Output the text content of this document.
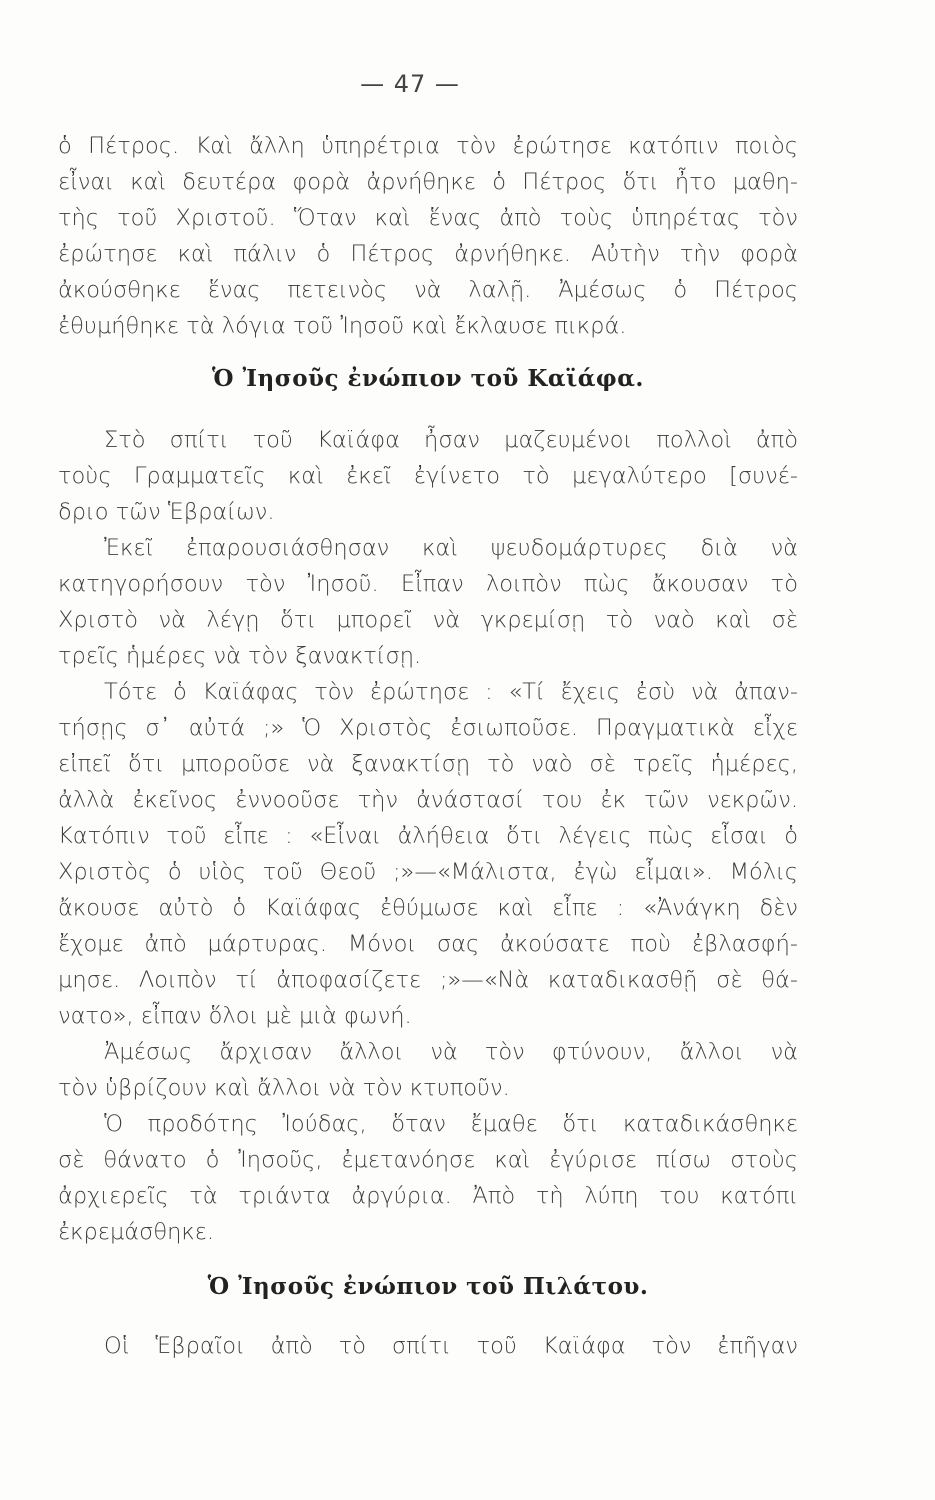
— 47 —
ὁ Πέτρος. Καὶ ἄλλη ὑπηρέτρια τὸν ἐρώτησε κατόπιν ποιὸς
εἶναι καὶ δευτέρα φορὰ ἀρνήθηκε ὁ Πέτρος ὅτι ἦτο μαθη-
τὴς τοῦ Χριστοῦ. Ὅταν καὶ ἕνας ἀπὸ τοὺς ὑπηρέτας τὸν
ἐρώτησε καὶ πάλιν ὁ Πέτρος ἀρνήθηκε. Αὐτὴν τὴν φορὰ
ἀκούσθηκε ἕνας πετεινὸς νὰ λαλῇ. Ἀμέσως ὁ Πέτρος
ἐθυμήθηκε τὰ λόγια τοῦ Ἰησοῦ καὶ ἔκλαυσε πικρά.
Ὁ Ἰησοῦς ἐνώπιον τοῦ Καϊάφα.
Στὸ σπίτι τοῦ Καϊάφα ἦσαν μαζευμένοι πολλοὶ ἀπὸ
τοὺς Γραμματεῖς καὶ ἐκεῖ ἐγίνετο τὸ μεγαλύτερο [συνέ-
δριο τῶν Ἑβραίων.
Ἐκεῖ ἐπαρουσιάσθησαν καὶ ψευδομάρτυρες διὰ νὰ
κατηγορήσουν τὸν Ἰησοῦ. Εἶπαν λοιπὸν πὼς ἄκουσαν τὸ
Χριστὸ νὰ λέγῃ ὅτι μπορεῖ νὰ γκρεμίσῃ τὸ ναὸ καὶ σὲ
τρεῖς ἡμέρες νὰ τὸν ξανακτίσῃ.
Τότε ὁ Καϊάφας τὸν ἐρώτησε : «Τί ἔχεις ἐσὺ νὰ ἀπαν-
τήσῃς σ᾽ αὐτά ;» Ὁ Χριστὸς ἐσιωποῦσε. Πραγματικὰ εἶχε
εἰπεῖ ὅτι μποροῦσε νὰ ξανακτίσῃ τὸ ναὸ σὲ τρεῖς ἡμέρες,
ἀλλὰ ἐκεῖνος ἐννοοῦσε τὴν ἀνάστασί του ἐκ τῶν νεκρῶν.
Κατόπιν τοῦ εἶπε : «Εἶναι ἀλήθεια ὅτι λέγεις πὼς εἶσαι ὁ
Χριστὸς ὁ υἱὸς τοῦ Θεοῦ ;»—«Μάλιστα, ἐγὼ εἶμαι». Μόλις
ἄκουσε αὐτὸ ὁ Καϊάφας ἐθύμωσε καὶ εἶπε : «Ἀνάγκη δὲν
ἔχομε ἀπὸ μάρτυρας. Μόνοι σας ἀκούσατε ποὺ ἐβλασφή-
μησε. Λοιπὸν τί ἀποφασίζετε ;»—«Νὰ καταδικασθῇ σὲ θά-
νατο», εἶπαν ὅλοι μὲ μιὰ φωνή.
Ἀμέσως ἄρχισαν ἄλλοι νὰ τὸν φτύνουν, ἄλλοι νὰ
τὸν ὑβρίζουν καὶ ἄλλοι νὰ τὸν κτυποῦν.
Ὁ προδότης Ἰούδας, ὅταν ἔμαθε ὅτι καταδικάσθηκε
σὲ θάνατο ὁ Ἰησοῦς, ἐμετανόησε καὶ ἐγύρισε πίσω στοὺς
ἀρχιερεῖς τὰ τριάντα ἀργύρια. Ἀπὸ τὴ λύπη του κατόπι
ἐκρεμάσθηκε.
Ὁ Ἰησοῦς ἐνώπιον τοῦ Πιλάτου.
Οἱ Ἑβραῖοι ἀπὸ τὸ σπίτι τοῦ Καϊάφα τὸν ἐπῆγαν
